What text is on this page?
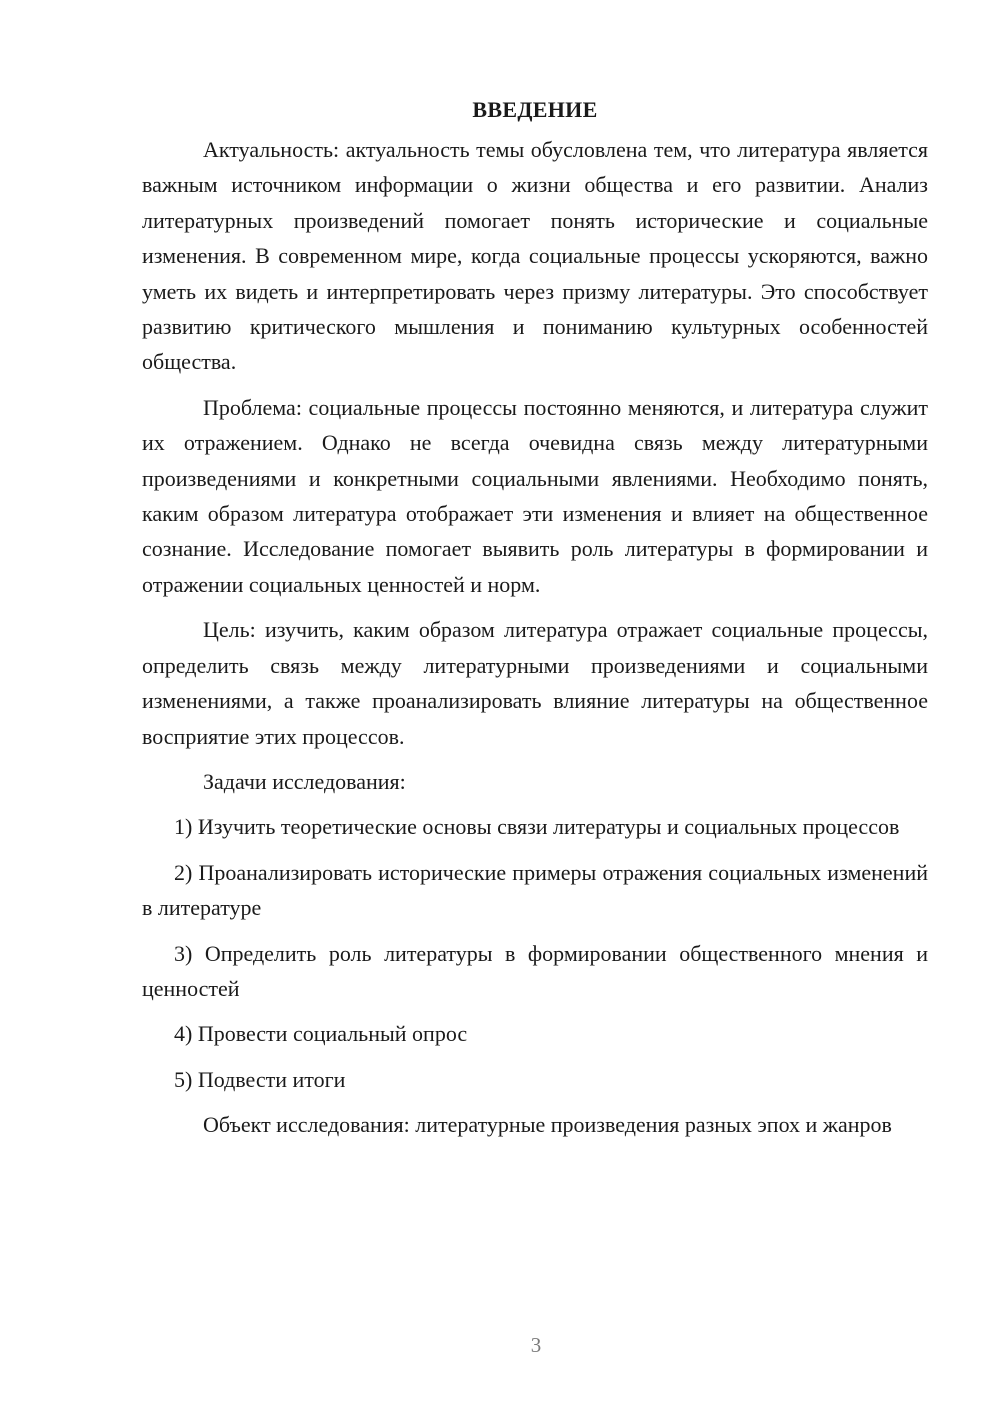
ВВЕДЕНИЕ

Актуальность: актуальность темы обусловлена тем, что литература является важным источником информации о жизни общества и его развитии. Анализ литературных произведений помогает понять исторические и социальные изменения. В современном мире, когда социальные процессы ускоряются, важно уметь их видеть и интерпретировать через призму литературы. Это способствует развитию критического мышления и пониманию культурных особенностей общества.

Проблема: социальные процессы постоянно меняются, и литература служит их отражением. Однако не всегда очевидна связь между литературными произведениями и конкретными социальными явлениями. Необходимо понять, каким образом литература отображает эти изменения и влияет на общественное сознание. Исследование помогает выявить роль литературы в формировании и отражении социальных ценностей и норм.

Цель: изучить, каким образом литература отражает социальные процессы, определить связь между литературными произведениями и социальными изменениями, а также проанализировать влияние литературы на общественное восприятие этих процессов.

Задачи исследования:

1) Изучить теоретические основы связи литературы и социальных процессов

2) Проанализировать исторические примеры отражения социальных изменений в литературе

3) Определить роль литературы в формировании общественного мнения и ценностей

4) Провести социальный опрос

5) Подвести итоги

Объект исследования: литературные произведения разных эпох и жанров

3
